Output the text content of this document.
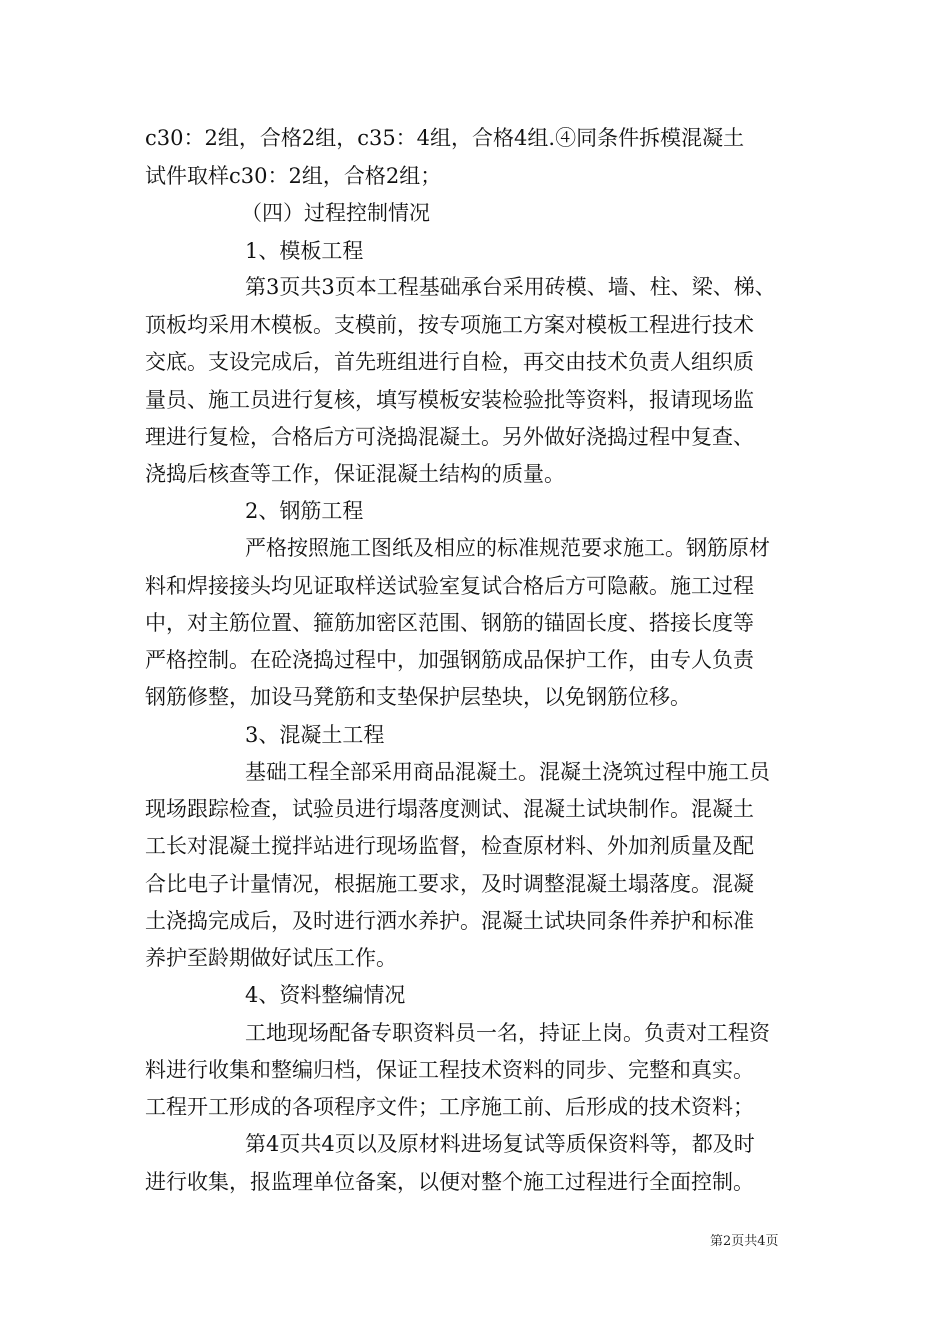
c30：2组，合格2组，c35：4组，合格4组.④同条件拆模混凝土

试件取样c30：2组，合格2组；

（四）过程控制情况

1、模板工程

第3页共3页本工程基础承台采用砖模、墙、柱、梁、梯、

顶板均采用木模板。支模前，按专项施工方案对模板工程进行技术

交底。支设完成后，首先班组进行自检，再交由技术负责人组织质

量员、施工员进行复核，填写模板安装检验批等资料，报请现场监

理进行复检，合格后方可浇捣混凝土。另外做好浇捣过程中复查、

浇捣后核查等工作，保证混凝土结构的质量。

2、钢筋工程

严格按照施工图纸及相应的标准规范要求施工。钢筋原材

料和焊接接头均见证取样送试验室复试合格后方可隐蔽。施工过程

中，对主筋位置、箍筋加密区范围、钢筋的锚固长度、搭接长度等

严格控制。在砼浇捣过程中，加强钢筋成品保护工作，由专人负责

钢筋修整，加设马凳筋和支垫保护层垫块，以免钢筋位移。

3、混凝土工程

基础工程全部采用商品混凝土。混凝土浇筑过程中施工员

现场跟踪检查，试验员进行塌落度测试、混凝土试块制作。混凝土

工长对混凝土搅拌站进行现场监督，检查原材料、外加剂质量及配

合比电子计量情况，根据施工要求，及时调整混凝土塌落度。混凝

土浇捣完成后，及时进行洒水养护。混凝土试块同条件养护和标准

养护至龄期做好试压工作。

4、资料整编情况

工地现场配备专职资料员一名，持证上岗。负责对工程资

料进行收集和整编归档，保证工程技术资料的同步、完整和真实。

工程开工形成的各项程序文件；工序施工前、后形成的技术资料；

第4页共4页以及原材料进场复试等质保资料等，都及时

进行收集，报监理单位备案，以便对整个施工过程进行全面控制。

第2页共4页
